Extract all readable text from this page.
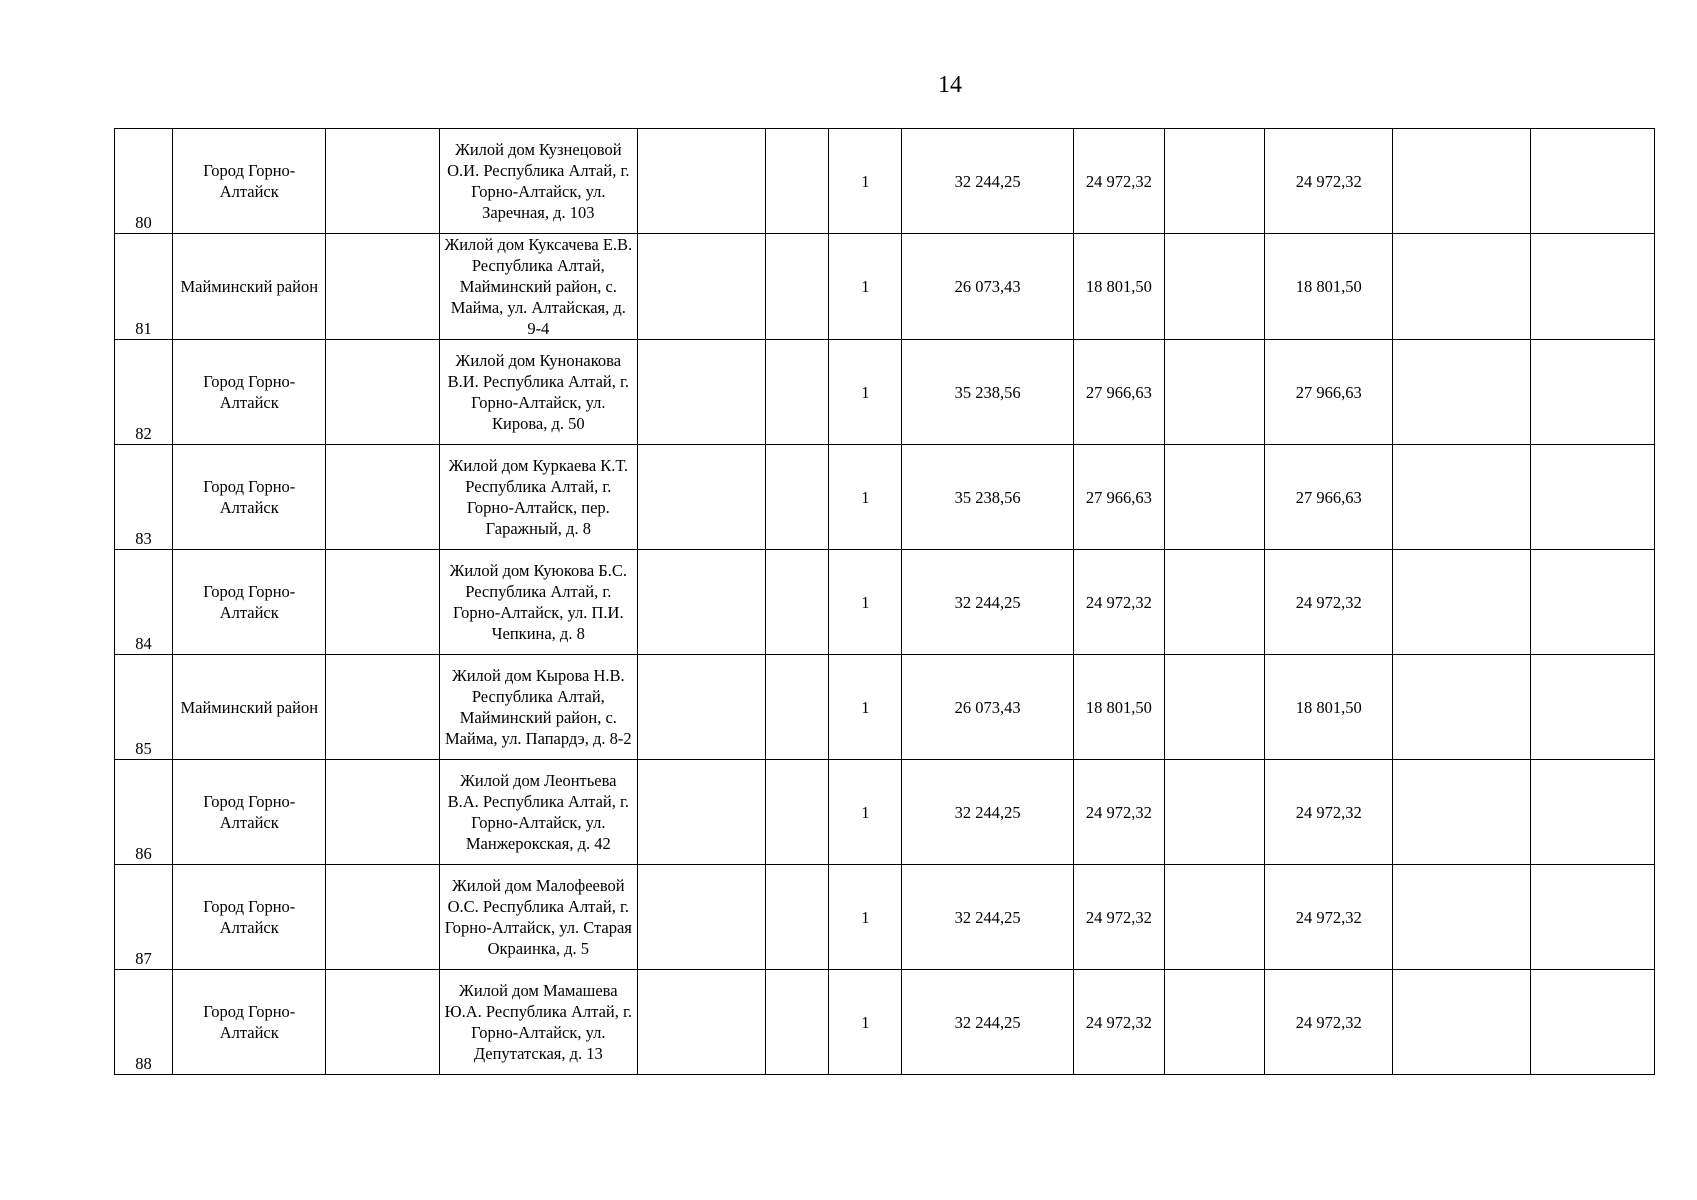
14
80	Город Горно-Алтайск		Жилой дом Кузнецовой О.И. Республика Алтай, г. Горно-Алтайск, ул. Заречная, д. 103			1	32 244,25	24 972,32		24 972,32		
81	Майминский район		Жилой дом Куксачева Е.В. Республика Алтай, Майминский район, с. Майма, ул. Алтайская, д. 9-4			1	26 073,43	18 801,50		18 801,50		
82	Город Горно-Алтайск		Жилой дом Кунонакова В.И. Республика Алтай, г. Горно-Алтайск, ул. Кирова, д. 50			1	35 238,56	27 966,63		27 966,63		
83	Город Горно-Алтайск		Жилой дом Куркаева К.Т. Республика Алтай, г. Горно-Алтайск, пер. Гаражный, д. 8			1	35 238,56	27 966,63		27 966,63		
84	Город Горно-Алтайск		Жилой дом Куюкова Б.С. Республика Алтай, г. Горно-Алтайск, ул. П.И. Чепкина, д. 8			1	32 244,25	24 972,32		24 972,32		
85	Майминский район		Жилой дом Кырова Н.В. Республика Алтай, Майминский район, с. Майма, ул. Папардэ, д. 8-2			1	26 073,43	18 801,50		18 801,50		
86	Город Горно-Алтайск		Жилой дом Леонтьева В.А. Республика Алтай, г. Горно-Алтайск, ул. Манжерокская, д. 42			1	32 244,25	24 972,32		24 972,32		
87	Город Горно-Алтайск		Жилой дом Малофеевой О.С. Республика Алтай, г. Горно-Алтайск, ул. Старая Окраинка, д. 5			1	32 244,25	24 972,32		24 972,32		
88	Город Горно-Алтайск		Жилой дом Мамашева Ю.А. Республика Алтай, г. Горно-Алтайск, ул. Депутатская, д. 13			1	32 244,25	24 972,32		24 972,32		
